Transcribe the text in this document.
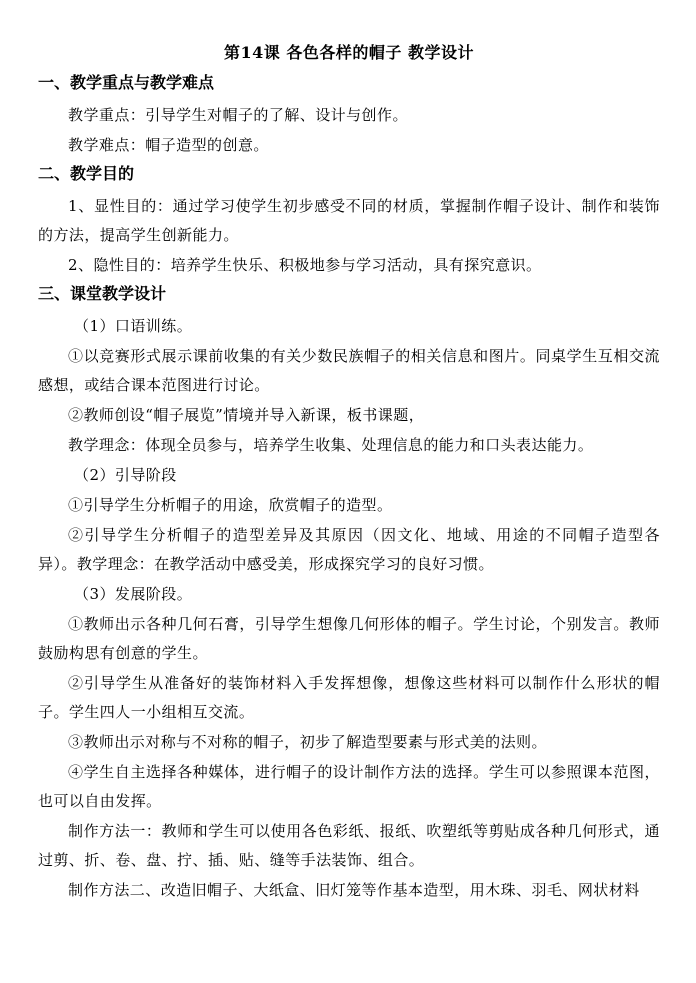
第14课 各色各样的帽子 教学设计
一、教学重点与教学难点
教学重点：引导学生对帽子的了解、设计与创作。
教学难点：帽子造型的创意。
二、教学目的
1、显性目的：通过学习使学生初步感受不同的材质，掌握制作帽子设计、制作和装饰的方法，提高学生创新能力。
2、隐性目的：培养学生快乐、积极地参与学习活动，具有探究意识。
三、课堂教学设计
（1）口语训练。
①以竞赛形式展示课前收集的有关少数民族帽子的相关信息和图片。同桌学生互相交流感想，或结合课本范图进行讨论。
②教师创设“帽子展览”情境并导入新课，板书课题，
教学理念：体现全员参与，培养学生收集、处理信息的能力和口头表达能力。
（2）引导阶段
①引导学生分析帽子的用途，欣赏帽子的造型。
②引导学生分析帽子的造型差异及其原因（因文化、地域、用途的不同帽子造型各异）。教学理念：在教学活动中感受美，形成探究学习的良好习惯。
（3）发展阶段。
①教师出示各种几何石膏，引导学生想像几何形体的帽子。学生讨论，个别发言。教师鼓励构思有创意的学生。
②引导学生从准备好的装饰材料入手发挥想像，想像这些材料可以制作什么形状的帽子。学生四人一小组相互交流。
③教师出示对称与不对称的帽子，初步了解造型要素与形式美的法则。
④学生自主选择各种媒体，进行帽子的设计制作方法的选择。学生可以参照课本范图，也可以自由发挥。
制作方法一：教师和学生可以使用各色彩纸、报纸、吹塑纸等剪贴成各种几何形式，通过剪、折、卷、盘、拧、插、贴、缝等手法装饰、组合。
制作方法二、改造旧帽子、大纸盒、旧灯笼等作基本造型，用木珠、羽毛、网状材料
